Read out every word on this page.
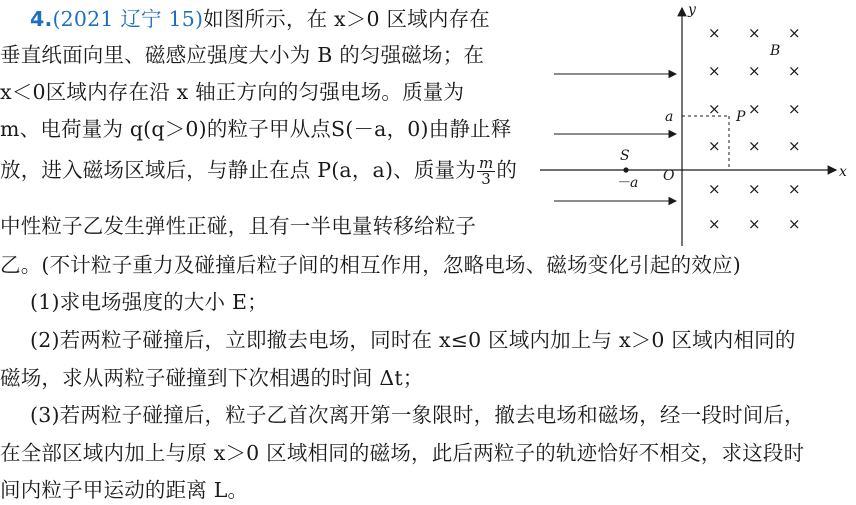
4.(2021 辽宁 15)如图所示，在 x＞0 区域内存在
垂直纸面向里、磁感应强度大小为 B 的匀强磁场；在
x＜0区域内存在沿 x 轴正方向的匀强电场。质量为
m、电荷量为 q(q＞0)的粒子甲从点S(－a，0)由静止释
放，进入磁场区域后，与静止在点 P(a，a)、质量为 $\frac{m}{3}$ 的
中性粒子乙发生弹性正碰，且有一半电量转移给粒子
乙。(不计粒子重力及碰撞后粒子间的相互作用，忽略电场、磁场变化引起的效应)
(1)求电场强度的大小 E；
(2)若两粒子碰撞后，立即撤去电场，同时在 x≤0 区域内加上与 x＞0 区域内相同的
磁场，求从两粒子碰撞到下次相遇的时间 Δt；
(3)若两粒子碰撞后，粒子乙首次离开第一象限时，撤去电场和磁场，经一段时间后，
在全部区域内加上与原 x＞0 区域相同的磁场，此后两粒子的轨迹恰好不相交，求这段时
间内粒子甲运动的距离 L。
x
y
O
S
－a
a	P
B
× × ×
× × ×
× × ×
× × ×
× × ×
× × ×
